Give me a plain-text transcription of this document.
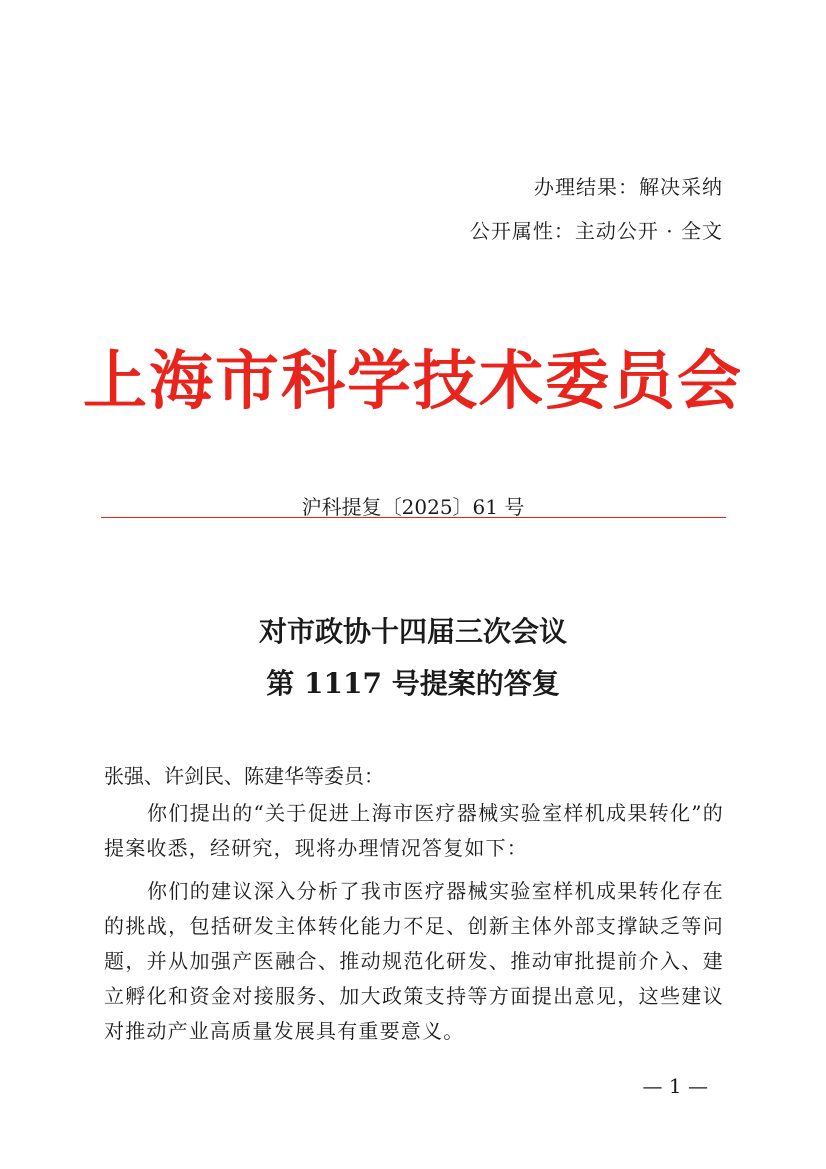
办理结果：解决采纳
公开属性：主动公开 · 全文
上海市科学技术委员会
沪科提复〔2025〕61 号
对市政协十四届三次会议
第 1117 号提案的答复
张强、许剑民、陈建华等委员：
你们提出的“关于促进上海市医疗器械实验室样机成果转化”的提案收悉，经研究，现将办理情况答复如下：
你们的建议深入分析了我市医疗器械实验室样机成果转化存在的挑战，包括研发主体转化能力不足、创新主体外部支撑缺乏等问题，并从加强产医融合、推动规范化研发、推动审批提前介入、建立孵化和资金对接服务、加大政策支持等方面提出意见，这些建议对推动产业高质量发展具有重要意义。
— 1 —
